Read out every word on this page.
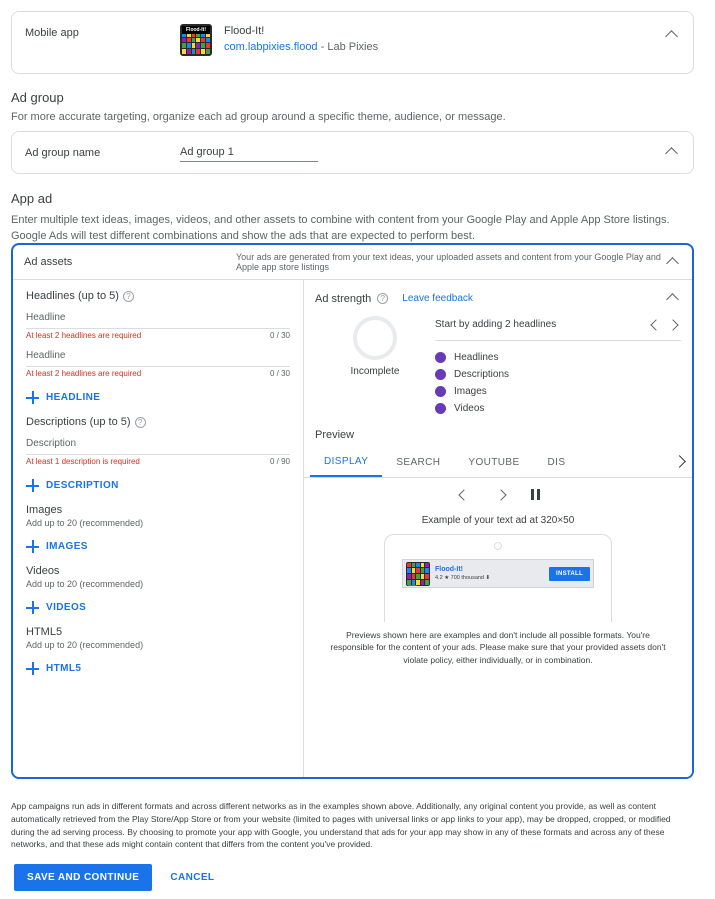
Mobile app	Flood-It!	Flood-It!
com.labpixies.flood - Lab Pixies
Ad group
For more accurate targeting, organize each ad group around a specific theme, audience, or message.
Ad group name
Ad group 1
App ad
Enter multiple text ideas, images, videos, and other assets to combine with content from your Google Play and Apple App Store listings. Google Ads will test different combinations and show the ads that are expected to perform best.
Ad assets	Your ads are generated from your text ideas, your uploaded assets and content from your Google Play and Apple app store listings
Headlines (up to 5) ?
Headline
At least 2 headlines are required	0 / 30
Headline
At least 2 headlines are required	0 / 30
HEADLINE
Descriptions (up to 5) ?
Description
At least 1 description is required	0 / 90
DESCRIPTION
Images
Add up to 20 (recommended)
IMAGES
Videos
Add up to 20 (recommended)
VIDEOS
HTML5
Add up to 20 (recommended)
HTML5
Ad strength	?	Leave feedback
Incomplete
Start by adding 2 headlines
Headlines
Descriptions
Images
Videos
Preview
DISPLAY	SEARCH	YOUTUBE	DIS
Example of your text ad at 320×50
Flood-It!
4.2 ★ 700 thousand ⬇
INSTALL
Previews shown here are examples and don't include all possible formats. You're responsible for the content of your ads. Please make sure that your provided assets don't violate policy, either individually, or in combination.
App campaigns run ads in different formats and across different networks as in the examples shown above. Additionally, any original content you provide, as well as content automatically retrieved from the Play Store/App Store or from your website (limited to pages with universal links or app links to your app), may be dropped, cropped, or modified during the ad serving process. By choosing to promote your app with Google, you understand that ads for your app may show in any of these formats and across any of these networks, and that these ads might contain content that differs from the content you've provided.
SAVE AND CONTINUE	CANCEL
